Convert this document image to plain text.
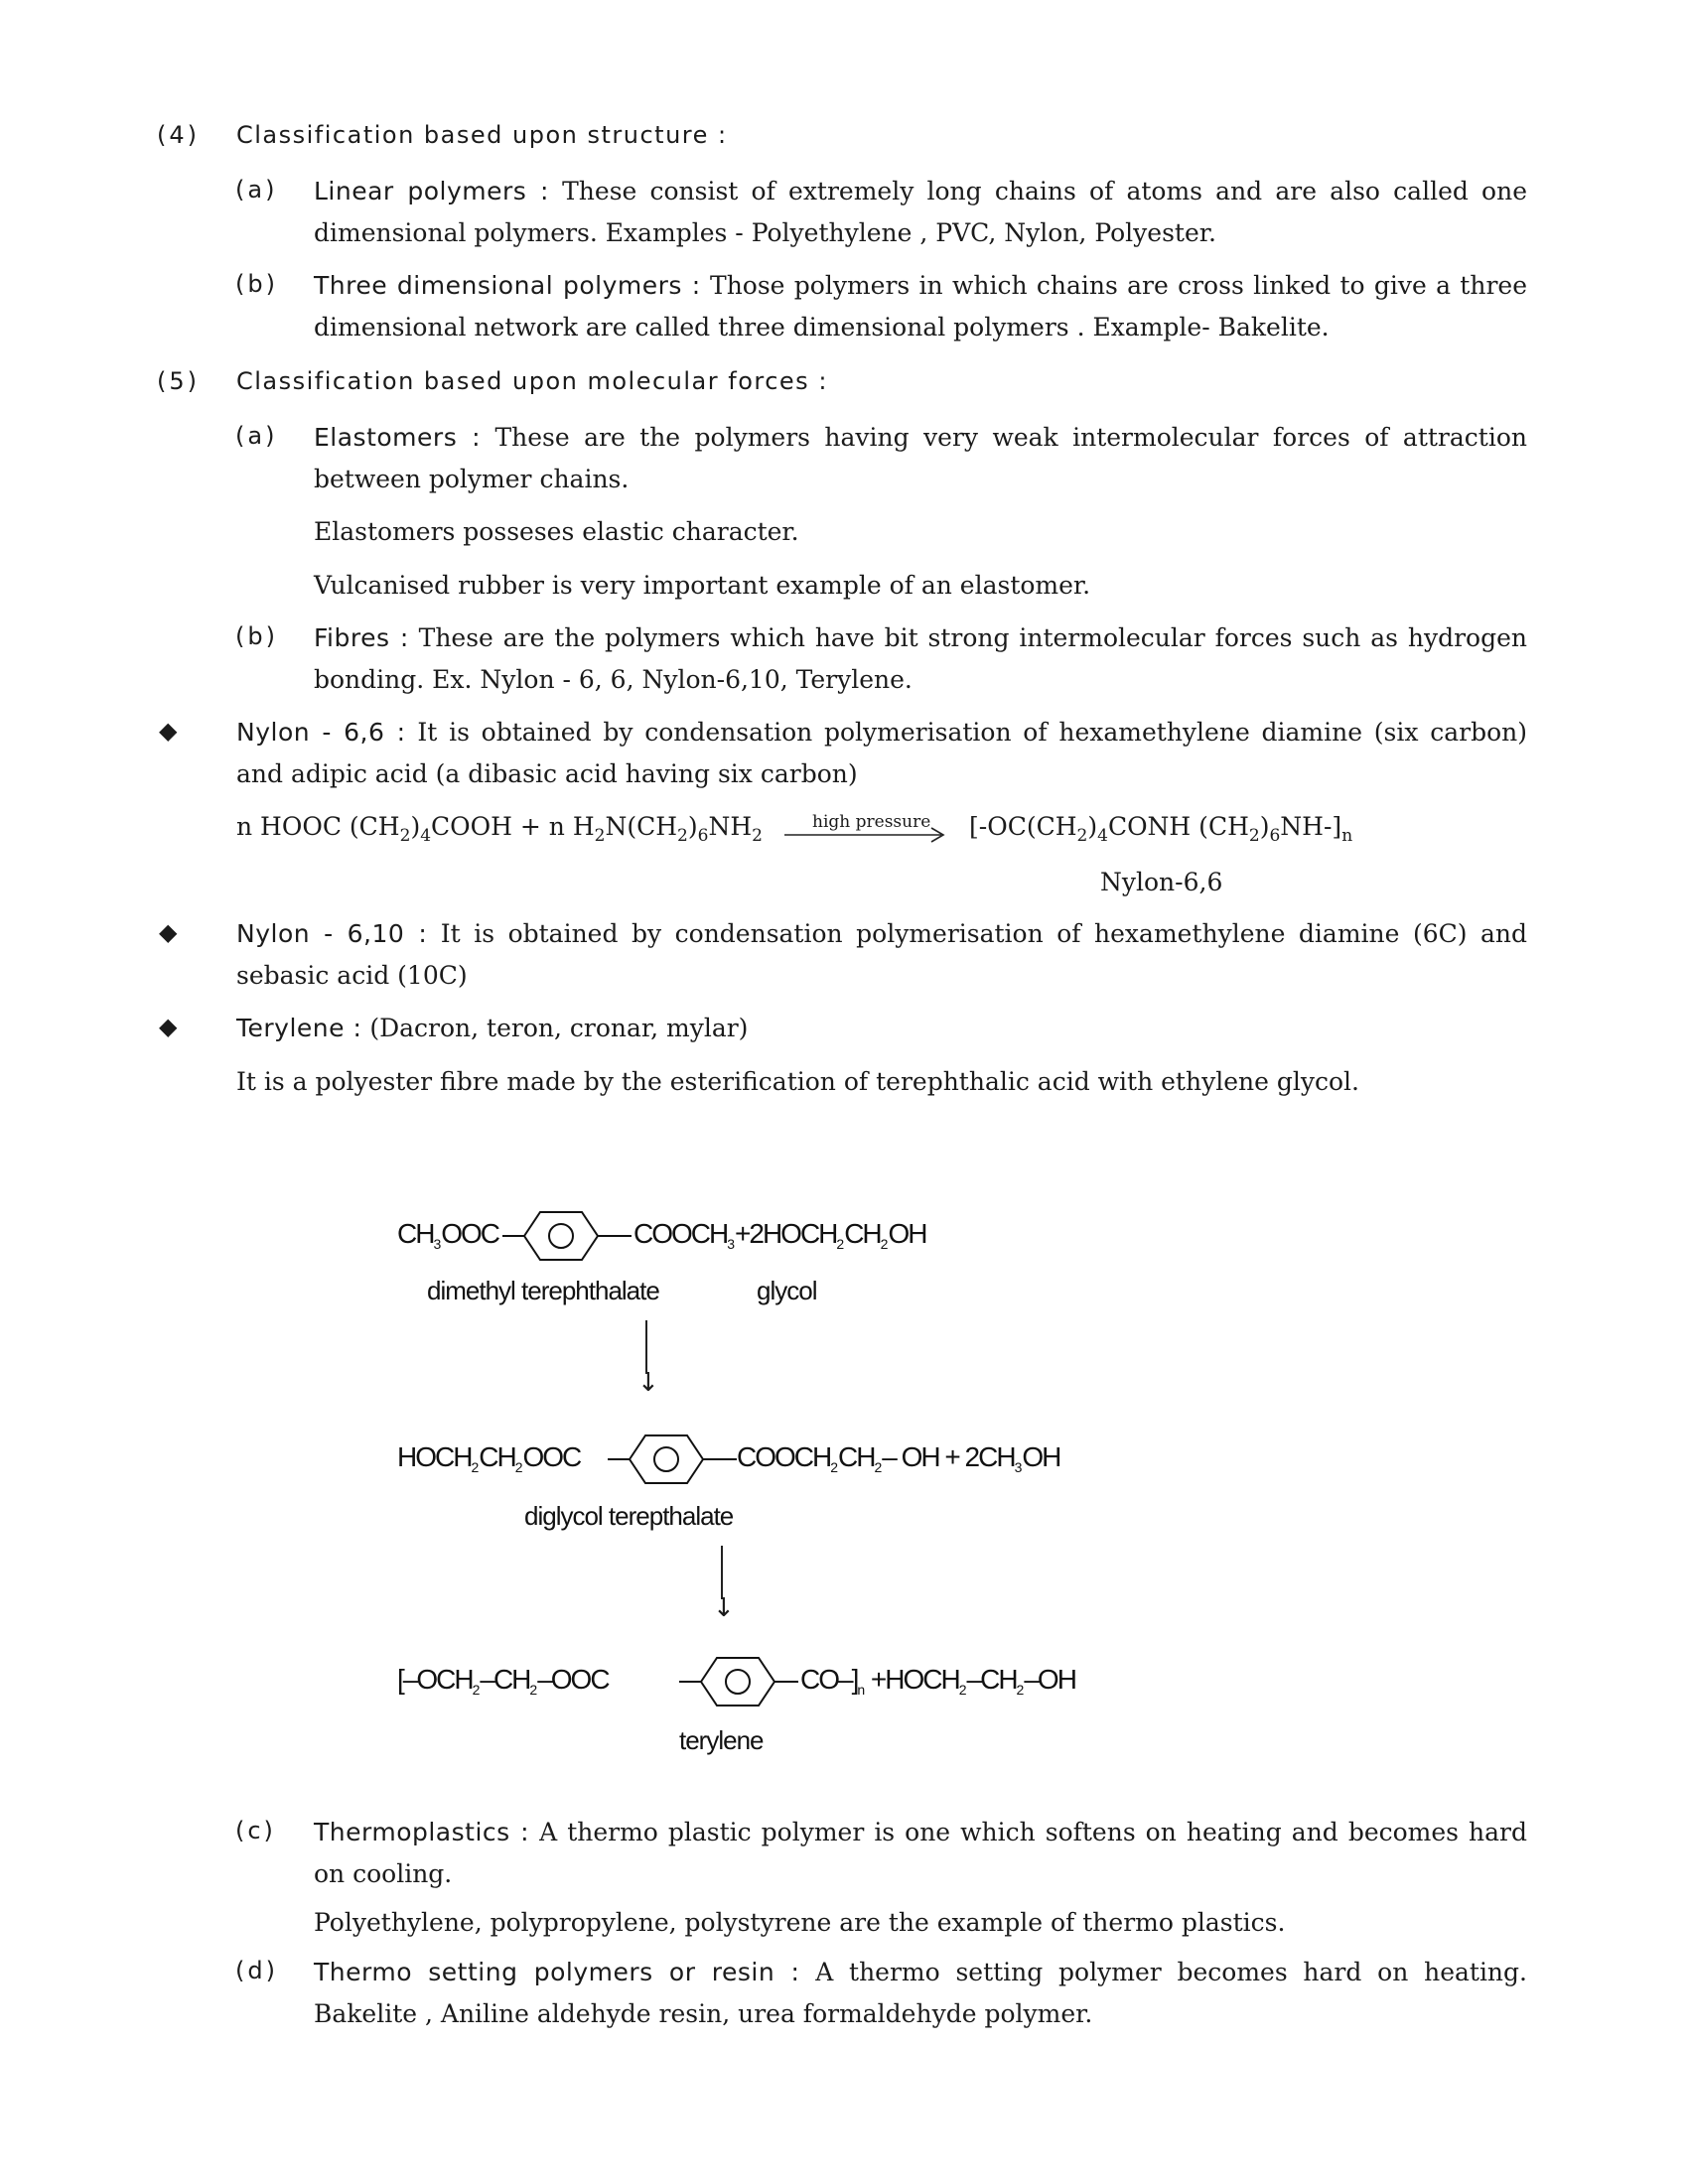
(4) Classification based upon structure :
(a) Linear polymers : These consist of extremely long chains of atoms and are also called one dimensional polymers. Examples - Polyethylene , PVC, Nylon, Polyester.
(b) Three dimensional polymers : Those polymers in which chains are cross linked to give a three dimensional network are called three dimensional polymers . Example- Bakelite.
(5) Classification based upon molecular forces :
(a) Elastomers : These are the polymers having very weak intermolecular forces of attraction between polymer chains.
Elastomers posseses elastic character.
Vulcanised rubber is very important example of an elastomer.
(b) Fibres : These are the polymers which have bit strong intermolecular forces such as hydrogen bonding. Ex. Nylon - 6, 6, Nylon-6,10, Terylene.
◆ Nylon - 6,6 : It is obtained by condensation polymerisation of hexamethylene diamine (six carbon) and adipic acid (a dibasic acid having six carbon)
n HOOC $(CH_2)_4COOH + n$ $H_2N(CH_2)_6NH_2$
high pressure [$-OC(CH_2)_4CONH$ $(CH_2)_6NH-]_n$
Nylon-6,6
◆ Nylon - 6,10 : It is obtained by condensation polymerisation of hexamethylene diamine (6C) and sebasic acid (10C)
◆ Terylene : (Dacron, teron, cronar, mylar)
It is a polyester fibre made by the esterification of terephthalic acid with ethylene glycol.
$CH_3OOC$	$COOCH_3+2HOCH_2CH_2OH$
dimethyl terephthalate	glycol
↓
$HOCH_2CH_2OOC$	$COOCH_2CH_2-$ OH + $2CH_3OH$
diglycol terepthalate
↓
[$-OCH_2-CH_2$–OOC	$CO-]_n$ $+HOCH_2-CH_2-OH$
terylene
(c) Thermoplastics : A thermo plastic polymer is one which softens on heating and becomes hard on cooling.
Polyethylene, polypropylene, polystyrene are the example of thermo plastics.
(d) Thermo setting polymers or resin : A thermo setting polymer becomes hard on heating. Bakelite , Aniline aldehyde resin, urea formaldehyde polymer.
